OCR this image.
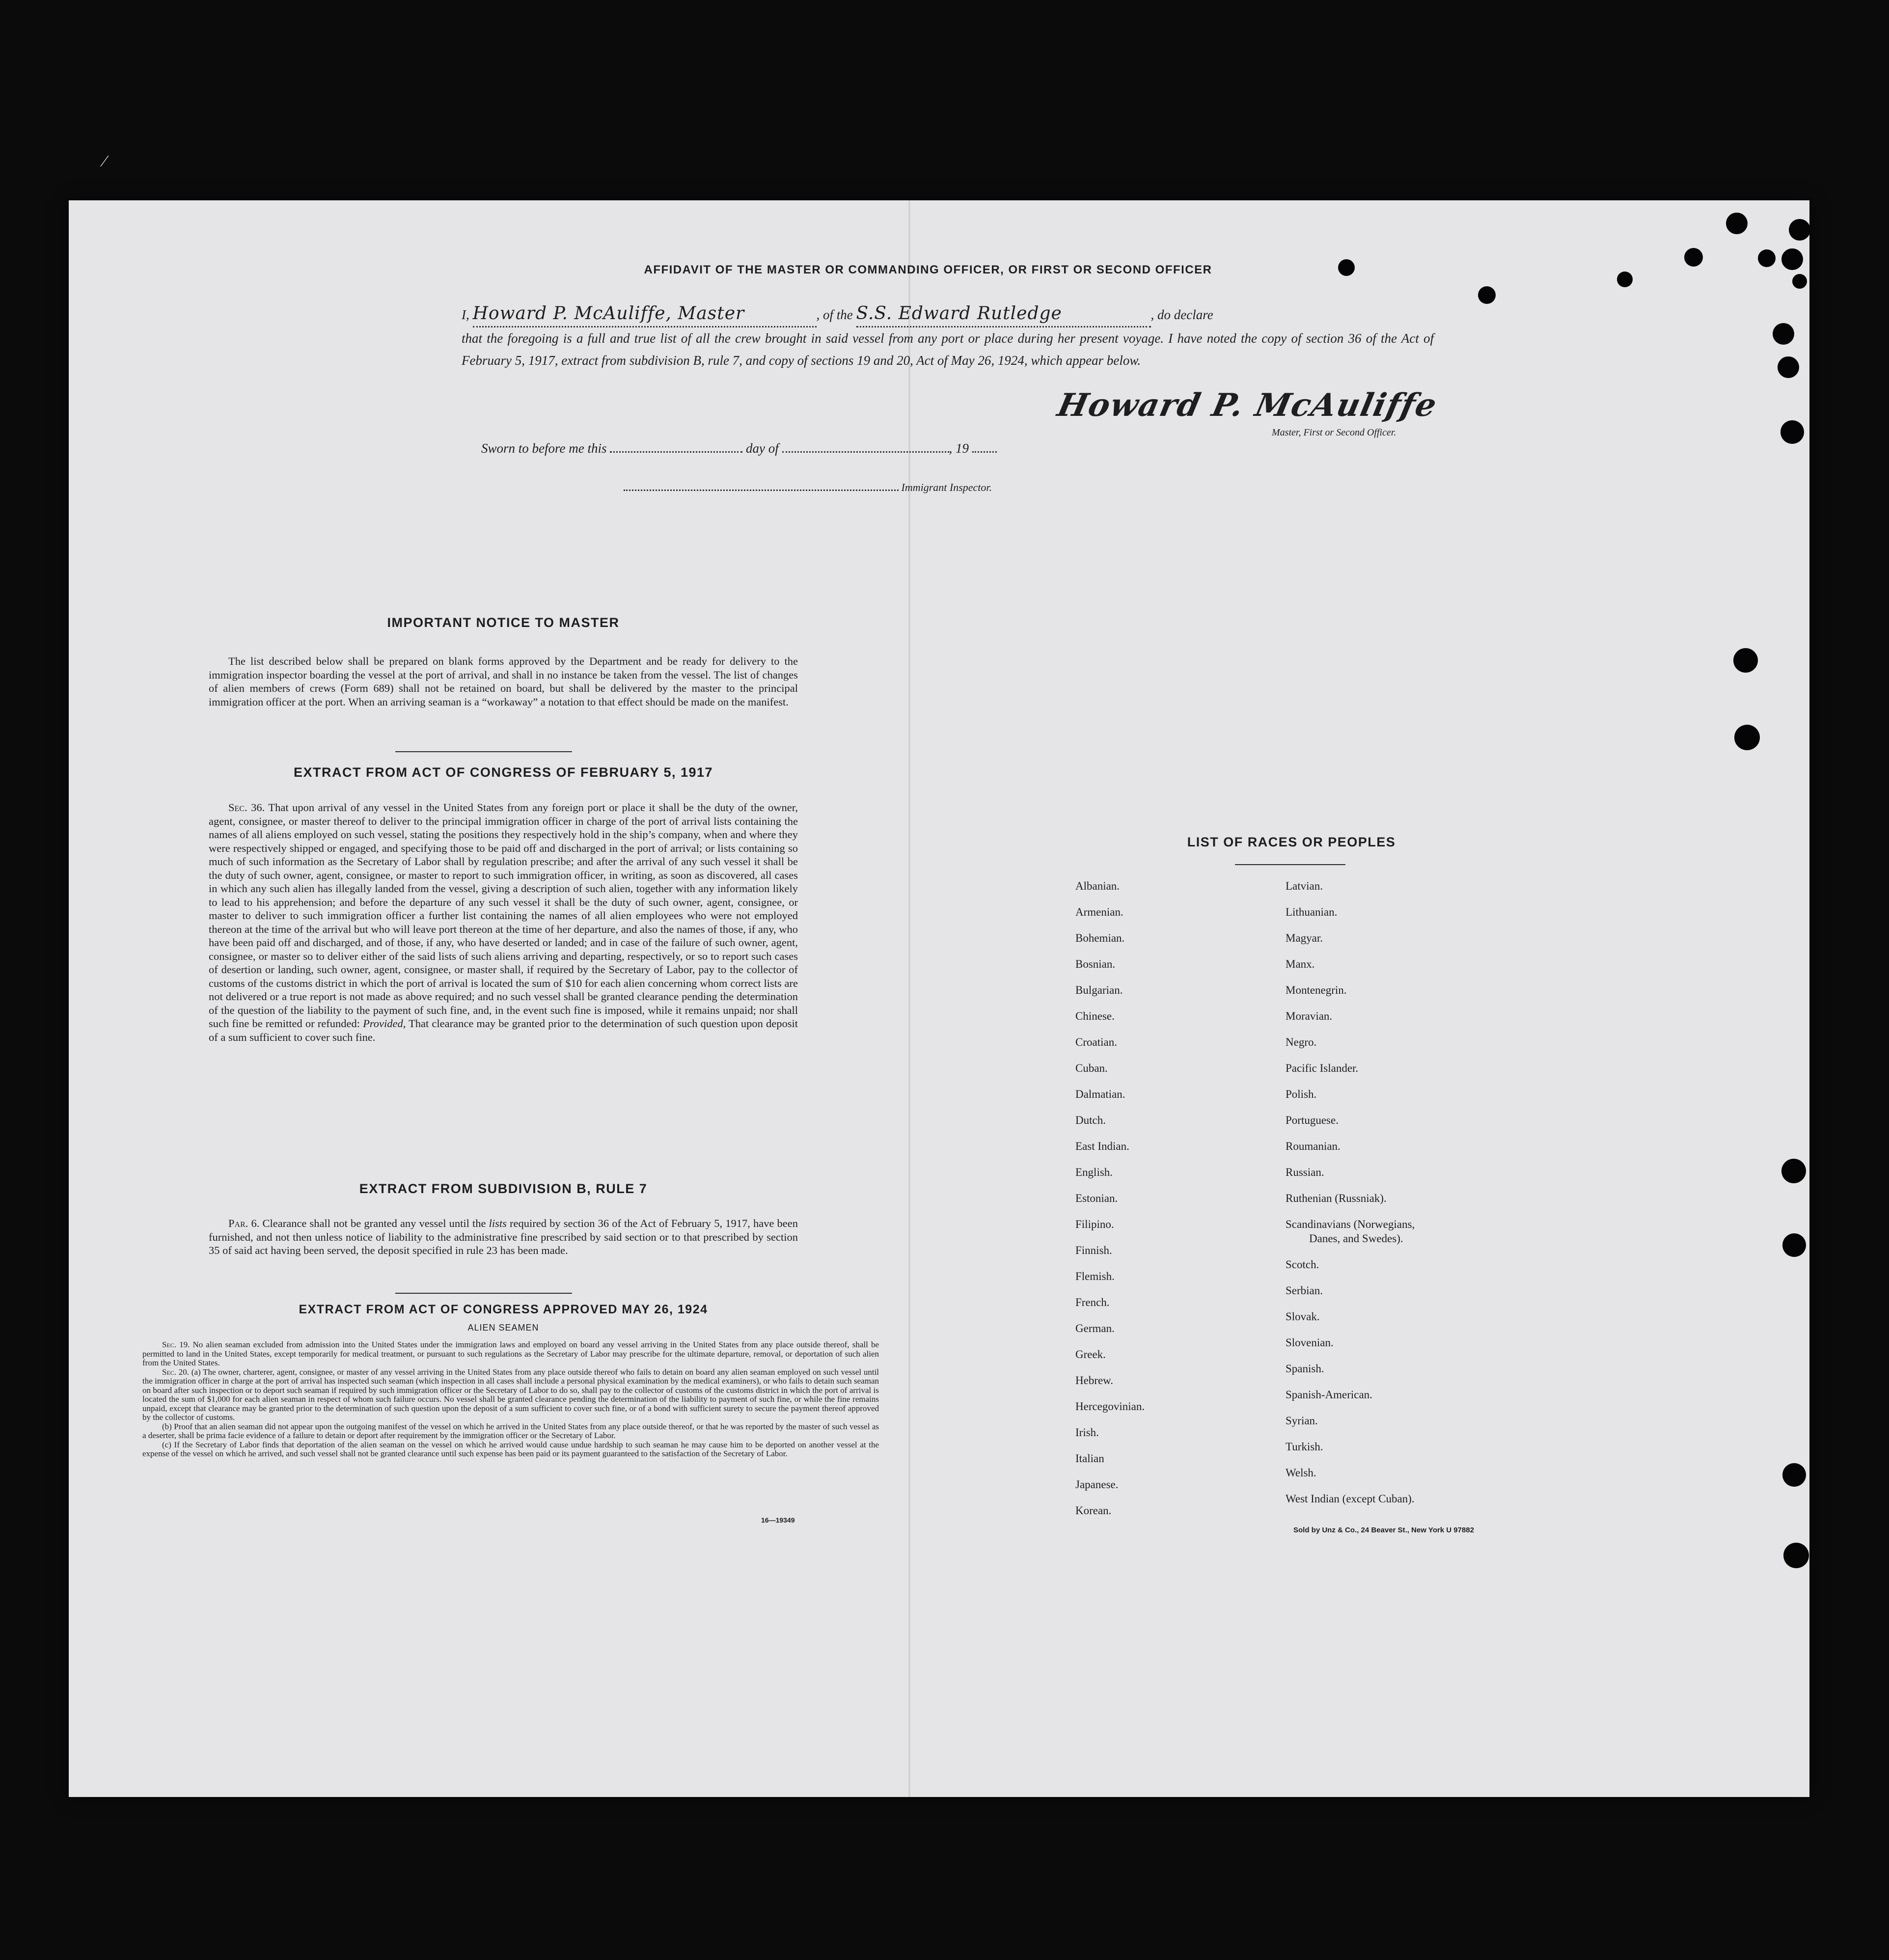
⁄
AFFIDAVIT OF THE MASTER OR COMMANDING OFFICER, OR FIRST OR SECOND OFFICER
I, Howard P. McAuliffe, Master	, of the S.S. Edward Rutledge	, do declare
that the foregoing is a full and true list of all the crew brought in said vessel from any port or place during her present voyage. I have noted the copy of section 36 of the Act of February 5, 1917, extract from subdivision B, rule 7, and copy of sections 19 and 20, Act of May 26, 1924, which appear below.
Howard P. McAuliffe
Master, First or Second Officer.
Sworn to before me this	day of	, 19
Immigrant Inspector.
IMPORTANT NOTICE TO MASTER

The list described below shall be prepared on blank forms approved by the Department and be ready for delivery to the immigration inspector boarding the vessel at the port of arrival, and shall in no instance be taken from the vessel. The list of changes of alien members of crews (Form 689) shall not be retained on board, but shall be delivered by the master to the principal immigration officer at the port. When an arriving seaman is a “workaway” a notation to that effect should be made on the manifest.

EXTRACT FROM ACT OF CONGRESS OF FEBRUARY 5, 1917

Sec. 36. That upon arrival of any vessel in the United States from any foreign port or place it shall be the duty of the owner, agent, consignee, or master thereof to deliver to the principal immigration officer in charge of the port of arrival lists containing the names of all aliens employed on such vessel, stating the positions they respectively hold in the ship’s company, when and where they were respectively shipped or engaged, and specifying those to be paid off and discharged in the port of arrival; or lists containing so much of such information as the Secretary of Labor shall by regulation prescribe; and after the arrival of any such vessel it shall be the duty of such owner, agent, consignee, or master to report to such immigration officer, in writing, as soon as discovered, all cases in which any such alien has illegally landed from the vessel, giving a description of such alien, together with any information likely to lead to his apprehension; and before the departure of any such vessel it shall be the duty of such owner, agent, consignee, or master to deliver to such immigration officer a further list containing the names of all alien employees who were not employed thereon at the time of the arrival but who will leave port thereon at the time of her departure, and also the names of those, if any, who have been paid off and discharged, and of those, if any, who have deserted or landed; and in case of the failure of such owner, agent, consignee, or master so to deliver either of the said lists of such aliens arriving and departing, respectively, or so to report such cases of desertion or landing, such owner, agent, consignee, or master shall, if required by the Secretary of Labor, pay to the collector of customs of the customs district in which the port of arrival is located the sum of $10 for each alien concerning whom correct lists are not delivered or a true report is not made as above required; and no such vessel shall be granted clearance pending the determination of the question of the liability to the payment of such fine, and, in the event such fine is imposed, while it remains unpaid; nor shall such fine be remitted or refunded: Provided, That clearance may be granted prior to the determination of such question upon deposit of a sum sufficient to cover such fine.

EXTRACT FROM SUBDIVISION B, RULE 7

Par. 6. Clearance shall not be granted any vessel until the lists required by section 36 of the Act of February 5, 1917, have been furnished, and not then unless notice of liability to the administrative fine prescribed by said section or to that prescribed by section 35 of said act having been served, the deposit specified in rule 23 has been made.

EXTRACT FROM ACT OF CONGRESS APPROVED MAY 26, 1924
ALIEN SEAMEN

Sec. 19. No alien seaman excluded from admission into the United States under the immigration laws and employed on board any vessel arriving in the United States from any place outside thereof, shall be permitted to land in the United States, except temporarily for medical treatment, or pursuant to such regulations as the Secretary of Labor may prescribe for the ultimate departure, removal, or deportation of such alien from the United States.

Sec. 20. (a) The owner, charterer, agent, consignee, or master of any vessel arriving in the United States from any place outside thereof who fails to detain on board any alien seaman employed on such vessel until the immigration officer in charge at the port of arrival has inspected such seaman (which inspection in all cases shall include a personal physical examination by the medical examiners), or who fails to detain such seaman on board after such inspection or to deport such seaman if required by such immigration officer or the Secretary of Labor to do so, shall pay to the collector of customs of the customs district in which the port of arrival is located the sum of $1,000 for each alien seaman in respect of whom such failure occurs. No vessel shall be granted clearance pending the determination of the liability to payment of such fine, or while the fine remains unpaid, except that clearance may be granted prior to the determination of such question upon the deposit of a sum sufficient to cover such fine, or of a bond with sufficient surety to secure the payment thereof approved by the collector of customs.

(b) Proof that an alien seaman did not appear upon the outgoing manifest of the vessel on which he arrived in the United States from any place outside thereof, or that he was reported by the master of such vessel as a deserter, shall be prima facie evidence of a failure to detain or deport after requirement by the immigration officer or the Secretary of Labor.

(c) If the Secretary of Labor finds that deportation of the alien seaman on the vessel on which he arrived would cause undue hardship to such seaman he may cause him to be deported on another vessel at the expense of the vessel on which he arrived, and such vessel shall not be granted clearance until such expense has been paid or its payment guaranteed to the satisfaction of the Secretary of Labor.

16—19349
LIST OF RACES OR PEOPLES
Albanian.
Armenian.
Bohemian.
Bosnian.
Bulgarian.
Chinese.
Croatian.
Cuban.
Dalmatian.
Dutch.
East Indian.
English.
Estonian.
Filipino.
Finnish.
Flemish.
French.
German.
Greek.
Hebrew.
Hercegovinian.
Irish.
Italian
Japanese.
Korean.
Latvian.
Lithuanian.
Magyar.
Manx.
Montenegrin.
Moravian.
Negro.
Pacific Islander.
Polish.
Portuguese.
Roumanian.
Russian.
Ruthenian (Russniak).
Scandinavians (Norwegians,
Danes, and Swedes).
Scotch.
Serbian.
Slovak.
Slovenian.
Spanish.
Spanish-American.
Syrian.
Turkish.
Welsh.
West Indian (except Cuban).
Sold by Unz & Co., 24 Beaver St., New York U 97882
